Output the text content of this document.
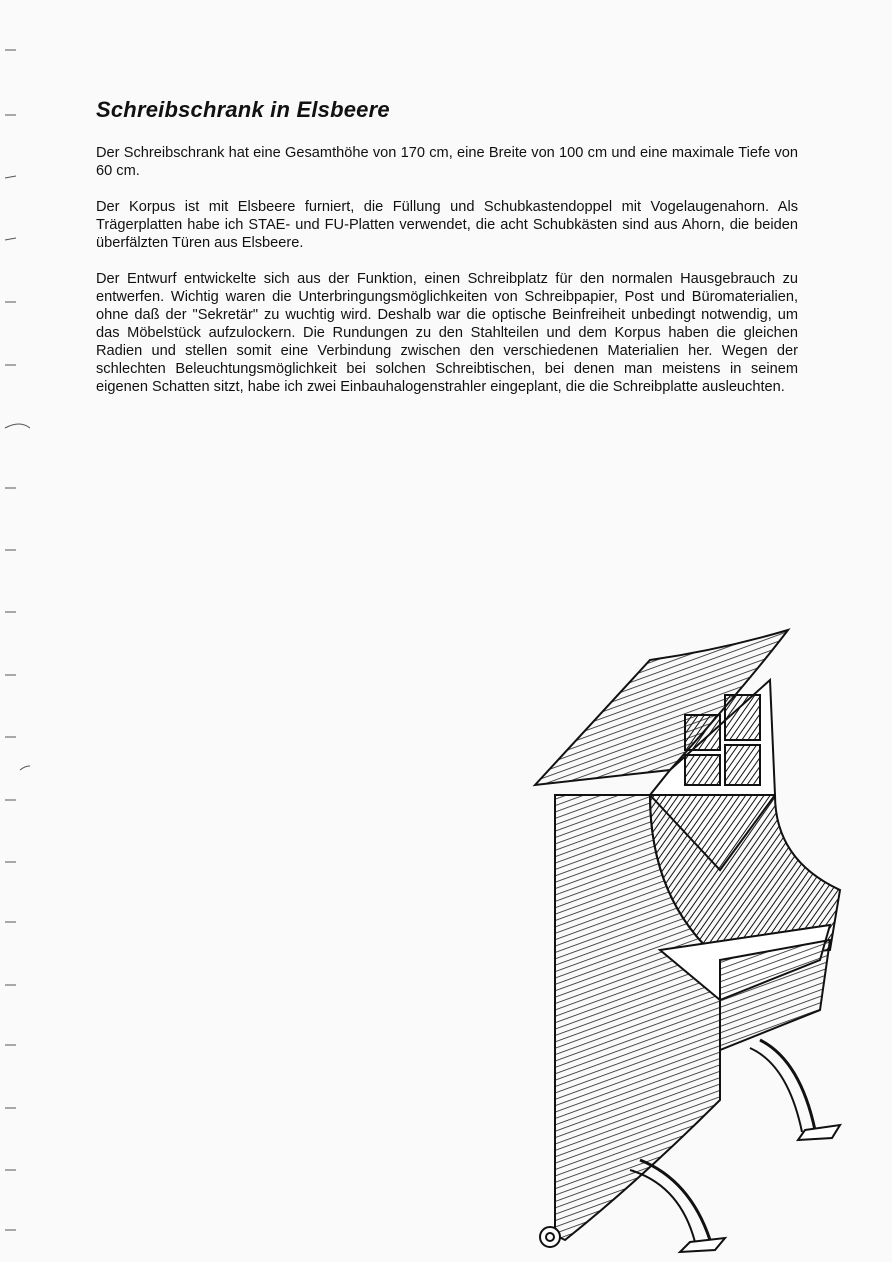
Schreibschrank in Elsbeere

Der Schreibschrank hat eine Gesamthöhe von 170 cm, eine Breite von 100 cm und eine maximale Tiefe von 60 cm.

Der Korpus ist mit Elsbeere furniert, die Füllung und Schubkastendoppel mit Vogelaugenahorn. Als Trägerplatten habe ich STAE- und FU-Platten verwendet, die acht Schubkästen sind aus Ahorn, die beiden überfälzten Türen aus Elsbeere.

Der Entwurf entwickelte sich aus der Funktion, einen Schreibplatz für den normalen Hausgebrauch zu entwerfen. Wichtig waren die Unterbringungsmöglichkeiten von Schreibpapier, Post und Büromaterialien, ohne daß der "Sekretär" zu wuchtig wird. Deshalb war die optische Beinfreiheit unbedingt notwendig, um das Möbelstück aufzulockern. Die Rundungen zu den Stahlteilen und dem Korpus haben die gleichen Radien und stellen somit eine Verbindung zwischen den verschiedenen Materialien her. Wegen der schlechten Beleuchtungsmöglichkeit bei solchen Schreibtischen, bei denen man meistens in seinem eigenen Schatten sitzt, habe ich zwei Einbauhalogenstrahler eingeplant, die die Schreibplatte ausleuchten.
